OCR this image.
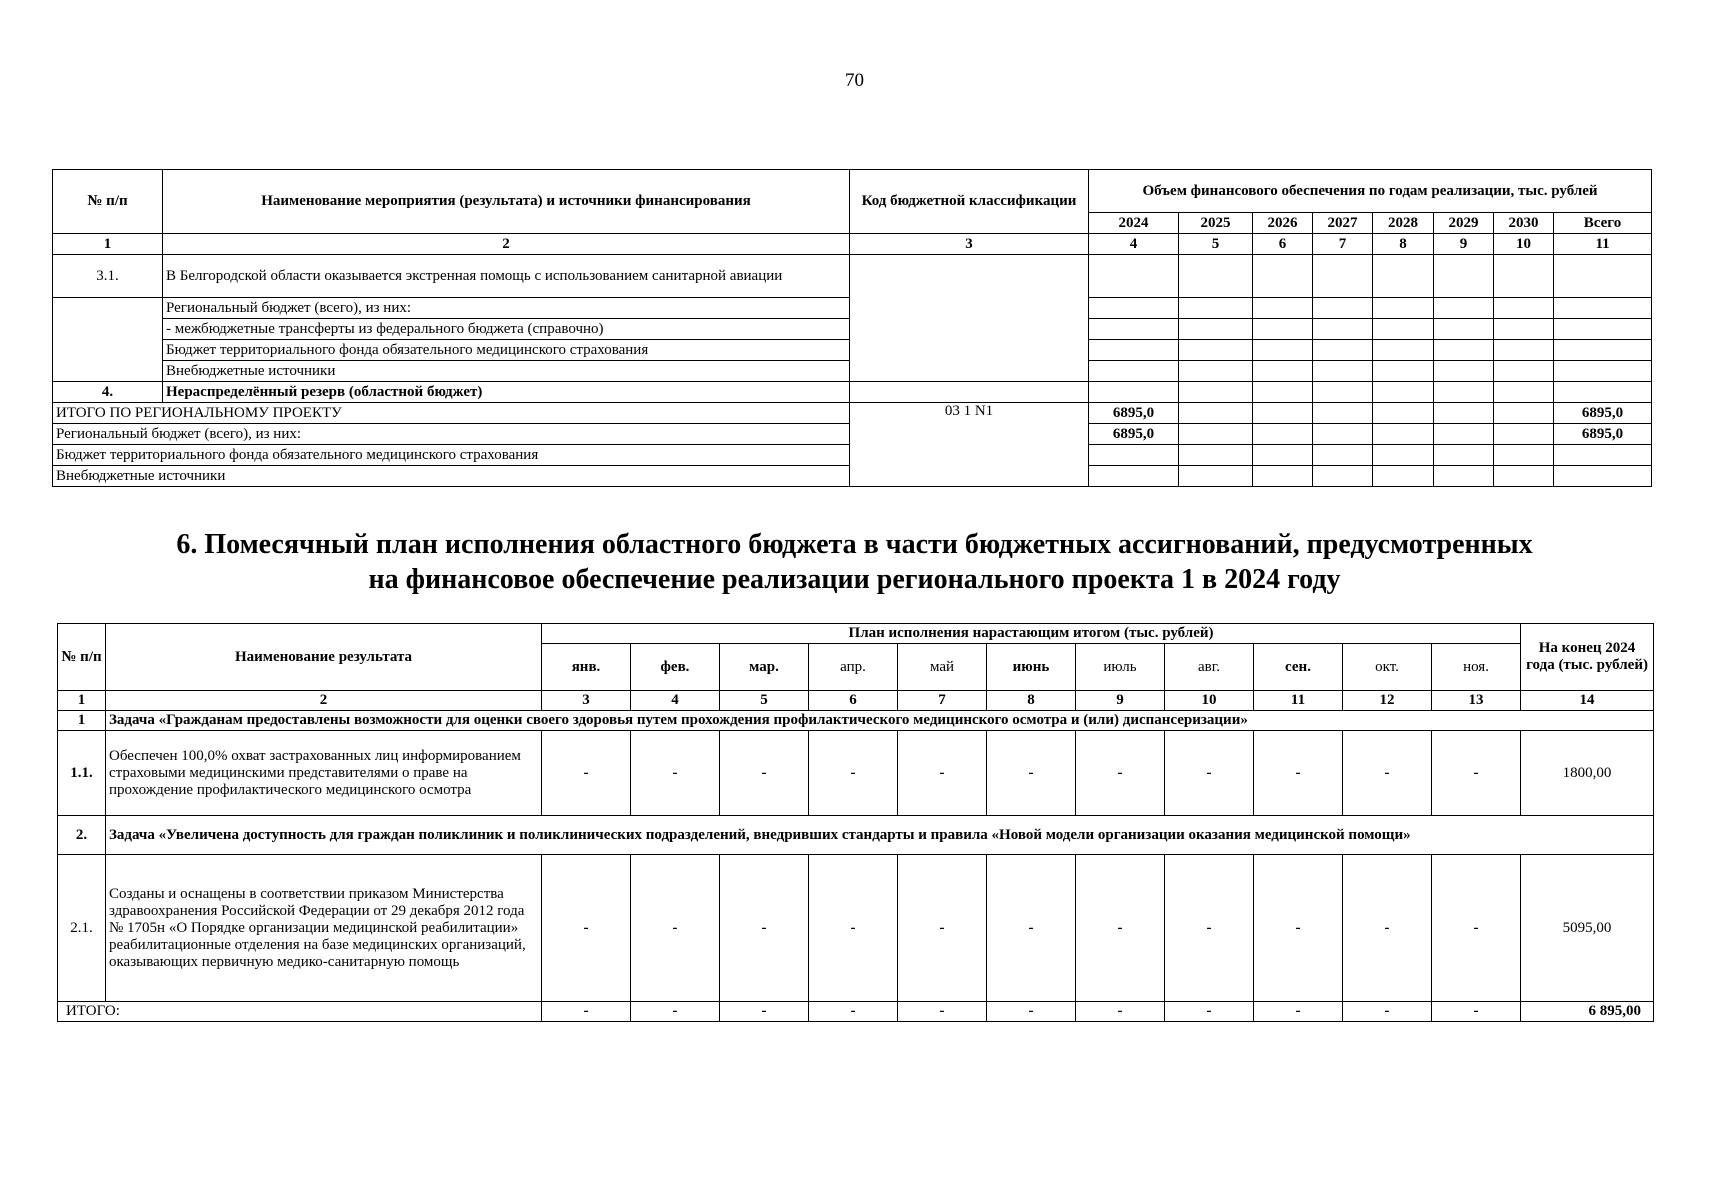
70
№ п/п	Наименование мероприятия (результата) и источники финансирования	Код бюджетной классификации	Объем финансового обеспечения по годам реализации, тыс. рублей							
			2024	2025	2026	2027	2028	2029	2030	Всего
1	2	3	4	5	6	7	8	9	10	11
3.1.	В Белгородской области оказывается экстренная помощь с использованием санитарной авиации									
	Региональный бюджет (всего), из них:									
	- межбюджетные трансферты из федерального бюджета (справочно)									
	Бюджет территориального фонда обязательного медицинского страхования									
	Внебюджетные источники									
4.	Нераспределённый резерв (областной бюджет)									
ИТОГО ПО РЕГИОНАЛЬНОМУ ПРОЕКТУ		03 1 N1	6895,0							6895,0
Региональный бюджет (всего), из них:			6895,0							6895,0
Бюджет территориального фонда обязательного медицинского страхования										
Внебюджетные источники										
6. Помесячный план исполнения областного бюджета в части бюджетных ассигнований, предусмотренных
на финансовое обеспечение реализации регионального проекта 1 в 2024 году
№ п/п	Наименование результата	План исполнения нарастающим итогом (тыс. рублей)											На конец 2024 года (тыс. рублей)
		янв.	фев.	мар.	апр.	май	июнь	июль	авг.	сен.	окт.	ноя.	
1	2	3	4	5	6	7	8	9	10	11	12	13	14
1	Задача «Гражданам предоставлены возможности для оценки своего здоровья путем прохождения профилактического медицинского осмотра и (или) диспансеризации»												
1.1.	Обеспечен 100,0% охват застрахованных лиц информированием страховыми медицинскими представителями о праве на прохождение профилактического медицинского осмотра	-	-	-	-	-	-	-	-	-	-	-	1800,00
2.	Задача «Увеличена доступность для граждан поликлиник и поликлинических подразделений, внедривших стандарты и правила «Новой модели организации оказания медицинской помощи»												
2.1.	Созданы и оснащены в соответствии приказом Министерства здравоохранения Российской Федерации от 29 декабря 2012 года № 1705н «О Порядке организации медицинской реабилитации» реабилитационные отделения на базе медицинских организаций, оказывающих первичную медико-санитарную помощь	-	-	-	-	-	-	-	-	-	-	-	5095,00
ИТОГО:		-	-	-	-	-	-	-	-	-	-	-	6 895,00
